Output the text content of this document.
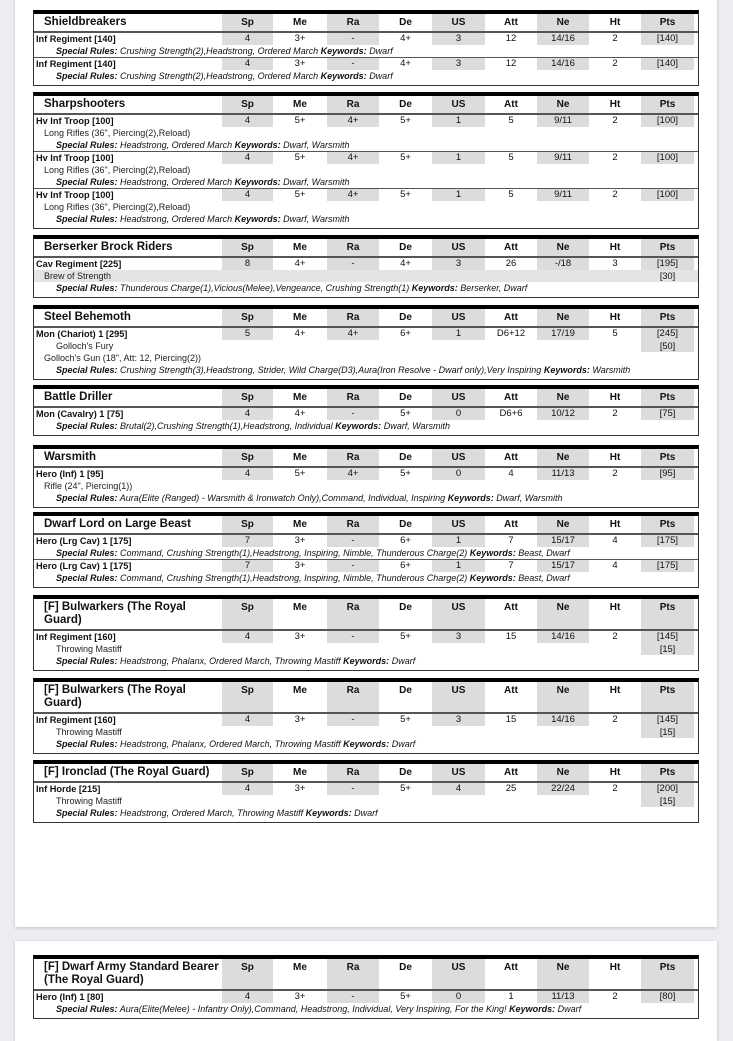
Shieldbreakers	Sp	Me	Ra	De	US	Att	Ne	Ht	Pts
Inf Regiment [140]	4	3+	-	4+	3	12	14/16	2	[140]
Special Rules: Crushing Strength(2),Headstrong, Ordered March Keywords: Dwarf
Inf Regiment [140]	4	3+	-	4+	3	12	14/16	2	[140]
Special Rules: Crushing Strength(2),Headstrong, Ordered March Keywords: Dwarf
Sharpshooters	Sp	Me	Ra	De	US	Att	Ne	Ht	Pts
Hv Inf Troop [100]	4	5+	4+	5+	1	5	9/11	2	[100]
Long Rifles (36", Piercing(2),Reload)
Special Rules: Headstrong, Ordered March Keywords: Dwarf, Warsmith
Hv Inf Troop [100]	4	5+	4+	5+	1	5	9/11	2	[100]
Long Rifles (36", Piercing(2),Reload)
Special Rules: Headstrong, Ordered March Keywords: Dwarf, Warsmith
Hv Inf Troop [100]	4	5+	4+	5+	1	5	9/11	2	[100]
Long Rifles (36", Piercing(2),Reload)
Special Rules: Headstrong, Ordered March Keywords: Dwarf, Warsmith
Berserker Brock Riders	Sp	Me	Ra	De	US	Att	Ne	Ht	Pts
Cav Regiment [225]	8	4+	-	4+	3	26	-/18	3	[195]
Brew of Strength	[30]
Special Rules: Thunderous Charge(1),Vicious(Melee),Vengeance, Crushing Strength(1) Keywords: Berserker, Dwarf
Steel Behemoth	Sp	Me	Ra	De	US	Att	Ne	Ht	Pts
Mon (Chariot) 1 [295]	5	4+	4+	6+	1	D6+12	17/19	5	[245]
Golloch's Fury	[50]
Golloch's Gun (18", Att: 12, Piercing(2))
Special Rules: Crushing Strength(3),Headstrong, Strider, Wild Charge(D3),Aura(Iron Resolve - Dwarf only),Very Inspiring Keywords: Warsmith
Battle Driller	Sp	Me	Ra	De	US	Att	Ne	Ht	Pts
Mon (Cavalry) 1 [75]	4	4+	-	5+	0	D6+6	10/12	2	[75]
Special Rules: Brutal(2),Crushing Strength(1),Headstrong, Individual Keywords: Dwarf, Warsmith
Warsmith	Sp	Me	Ra	De	US	Att	Ne	Ht	Pts
Hero (Inf) 1 [95]	4	5+	4+	5+	0	4	11/13	2	[95]
Rifle (24", Piercing(1))
Special Rules: Aura(Elite (Ranged) - Warsmith & Ironwatch Only),Command, Individual, Inspiring Keywords: Dwarf, Warsmith
Dwarf Lord on Large Beast	Sp	Me	Ra	De	US	Att	Ne	Ht	Pts
Hero (Lrg Cav) 1 [175]	7	3+	-	6+	1	7	15/17	4	[175]
Special Rules: Command, Crushing Strength(1),Headstrong, Inspiring, Nimble, Thunderous Charge(2) Keywords: Beast, Dwarf
Hero (Lrg Cav) 1 [175]	7	3+	-	6+	1	7	15/17	4	[175]
Special Rules: Command, Crushing Strength(1),Headstrong, Inspiring, Nimble, Thunderous Charge(2) Keywords: Beast, Dwarf
[F] Bulwarkers (The Royal Guard)
Sp	Me	Ra	De	US	Att	Ne	Ht	Pts
Inf Regiment [160]	4	3+	-	5+	3	15	14/16	2	[145]
Throwing Mastiff	[15]
Special Rules: Headstrong, Phalanx, Ordered March, Throwing Mastiff Keywords: Dwarf
[F] Bulwarkers (The Royal Guard)
Sp	Me	Ra	De	US	Att	Ne	Ht	Pts
Inf Regiment [160]	4	3+	-	5+	3	15	14/16	2	[145]
Throwing Mastiff	[15]
Special Rules: Headstrong, Phalanx, Ordered March, Throwing Mastiff Keywords: Dwarf
[F] Ironclad (The Royal Guard)	Sp	Me	Ra	De	US	Att	Ne	Ht	Pts
Inf Horde [215]	4	3+	-	5+	4	25	22/24	2	[200]
Throwing Mastiff	[15]
Special Rules: Headstrong, Ordered March, Throwing Mastiff Keywords: Dwarf
[F] Dwarf Army Standard Bearer (The Royal Guard)
Sp	Me	Ra	De	US	Att	Ne	Ht	Pts
Hero (Inf) 1 [80]	4	3+	-	5+	0	1	11/13	2	[80]
Special Rules: Aura(Elite(Melee) - Infantry Only),Command, Headstrong, Individual, Very Inspiring, For the King! Keywords: Dwarf
